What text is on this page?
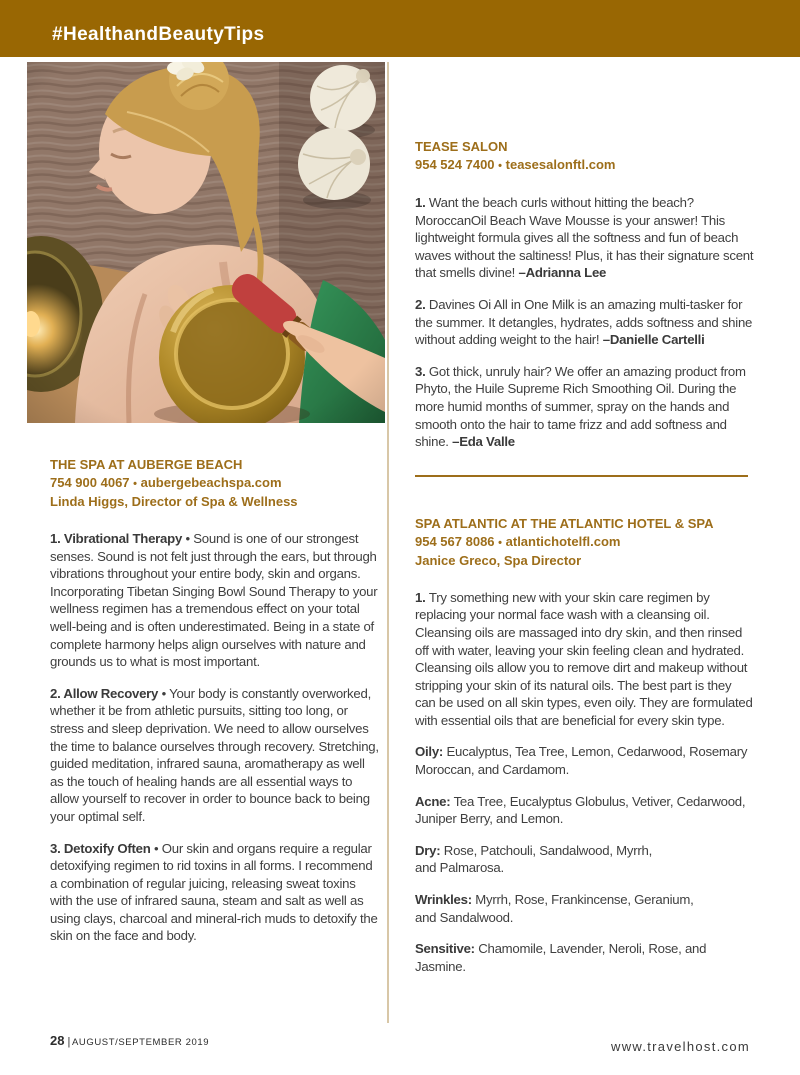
#HealthandBeautyTips
THE SPA AT AUBERGE BEACH
754 900 4067 • aubergebeachspa.com
Linda Higgs, Director of Spa & Wellness

1. Vibrational Therapy • Sound is one of our strongest senses. Sound is not felt just through the ears, but through vibrations throughout your entire body, skin and organs. Incorporating Tibetan Singing Bowl Sound Therapy to your wellness regimen has a tremendous effect on your total well-being and is often underestimated. Being in a state of complete harmony helps align ourselves with nature and grounds us to what is most important.

2. Allow Recovery • Your body is constantly overworked, whether it be from athletic pursuits, sitting too long, or stress and sleep deprivation. We need to allow ourselves the time to balance ourselves through recovery. Stretching, guided meditation, infrared sauna, aromatherapy as well as the touch of healing hands are all essential ways to allow yourself to recover in order to bounce back to being your optimal self.

3. Detoxify Often • Our skin and organs require a regular detoxifying regimen to rid toxins in all forms. I recommend a combination of regular juicing, releasing sweat toxins with the use of infrared sauna, steam and salt as well as using clays, charcoal and mineral-rich muds to detoxify the skin on the face and body.

TEASE SALON
954 524 7400 • teasesalonftl.com

1. Want the beach curls without hitting the beach? MoroccanOil Beach Wave Mousse is your answer! This lightweight formula gives all the softness and fun of beach waves without the saltiness! Plus, it has their signature scent that smells divine! –Adrianna Lee

2. Davines Oi All in One Milk is an amazing multi-tasker for the summer. It detangles, hydrates, adds softness and shine without adding weight to the hair! –Danielle Cartelli

3. Got thick, unruly hair? We offer an amazing product from Phyto, the Huile Supreme Rich Smoothing Oil. During the more humid months of summer, spray on the hands and smooth onto the hair to tame frizz and add softness and shine. –Eda Valle

SPA ATLANTIC AT THE ATLANTIC HOTEL & SPA
954 567 8086 • atlantichotelfl.com
Janice Greco, Spa Director

1. Try something new with your skin care regimen by replacing your normal face wash with a cleansing oil. Cleansing oils are massaged into dry skin, and then rinsed off with water, leaving your skin feeling clean and hydrated. Cleansing oils allow you to remove dirt and makeup without stripping your skin of its natural oils. The best part is they can be used on all skin types, even oily. They are formulated with essential oils that are beneficial for every skin type.

Oily: Eucalyptus, Tea Tree, Lemon, Cedarwood, Rosemary
Moroccan, and Cardamom.

Acne: Tea Tree, Eucalyptus Globulus, Vetiver, Cedarwood,
Juniper Berry, and Lemon.

Dry: Rose, Patchouli, Sandalwood, Myrrh,
and Palmarosa.

Wrinkles: Myrrh, Rose, Frankincense, Geranium,
and Sandalwood.

Sensitive: Chamomile, Lavender, Neroli, Rose, and Jasmine.

28 |AUGUST/SEPTEMBER 2019	www.travelhost.com
